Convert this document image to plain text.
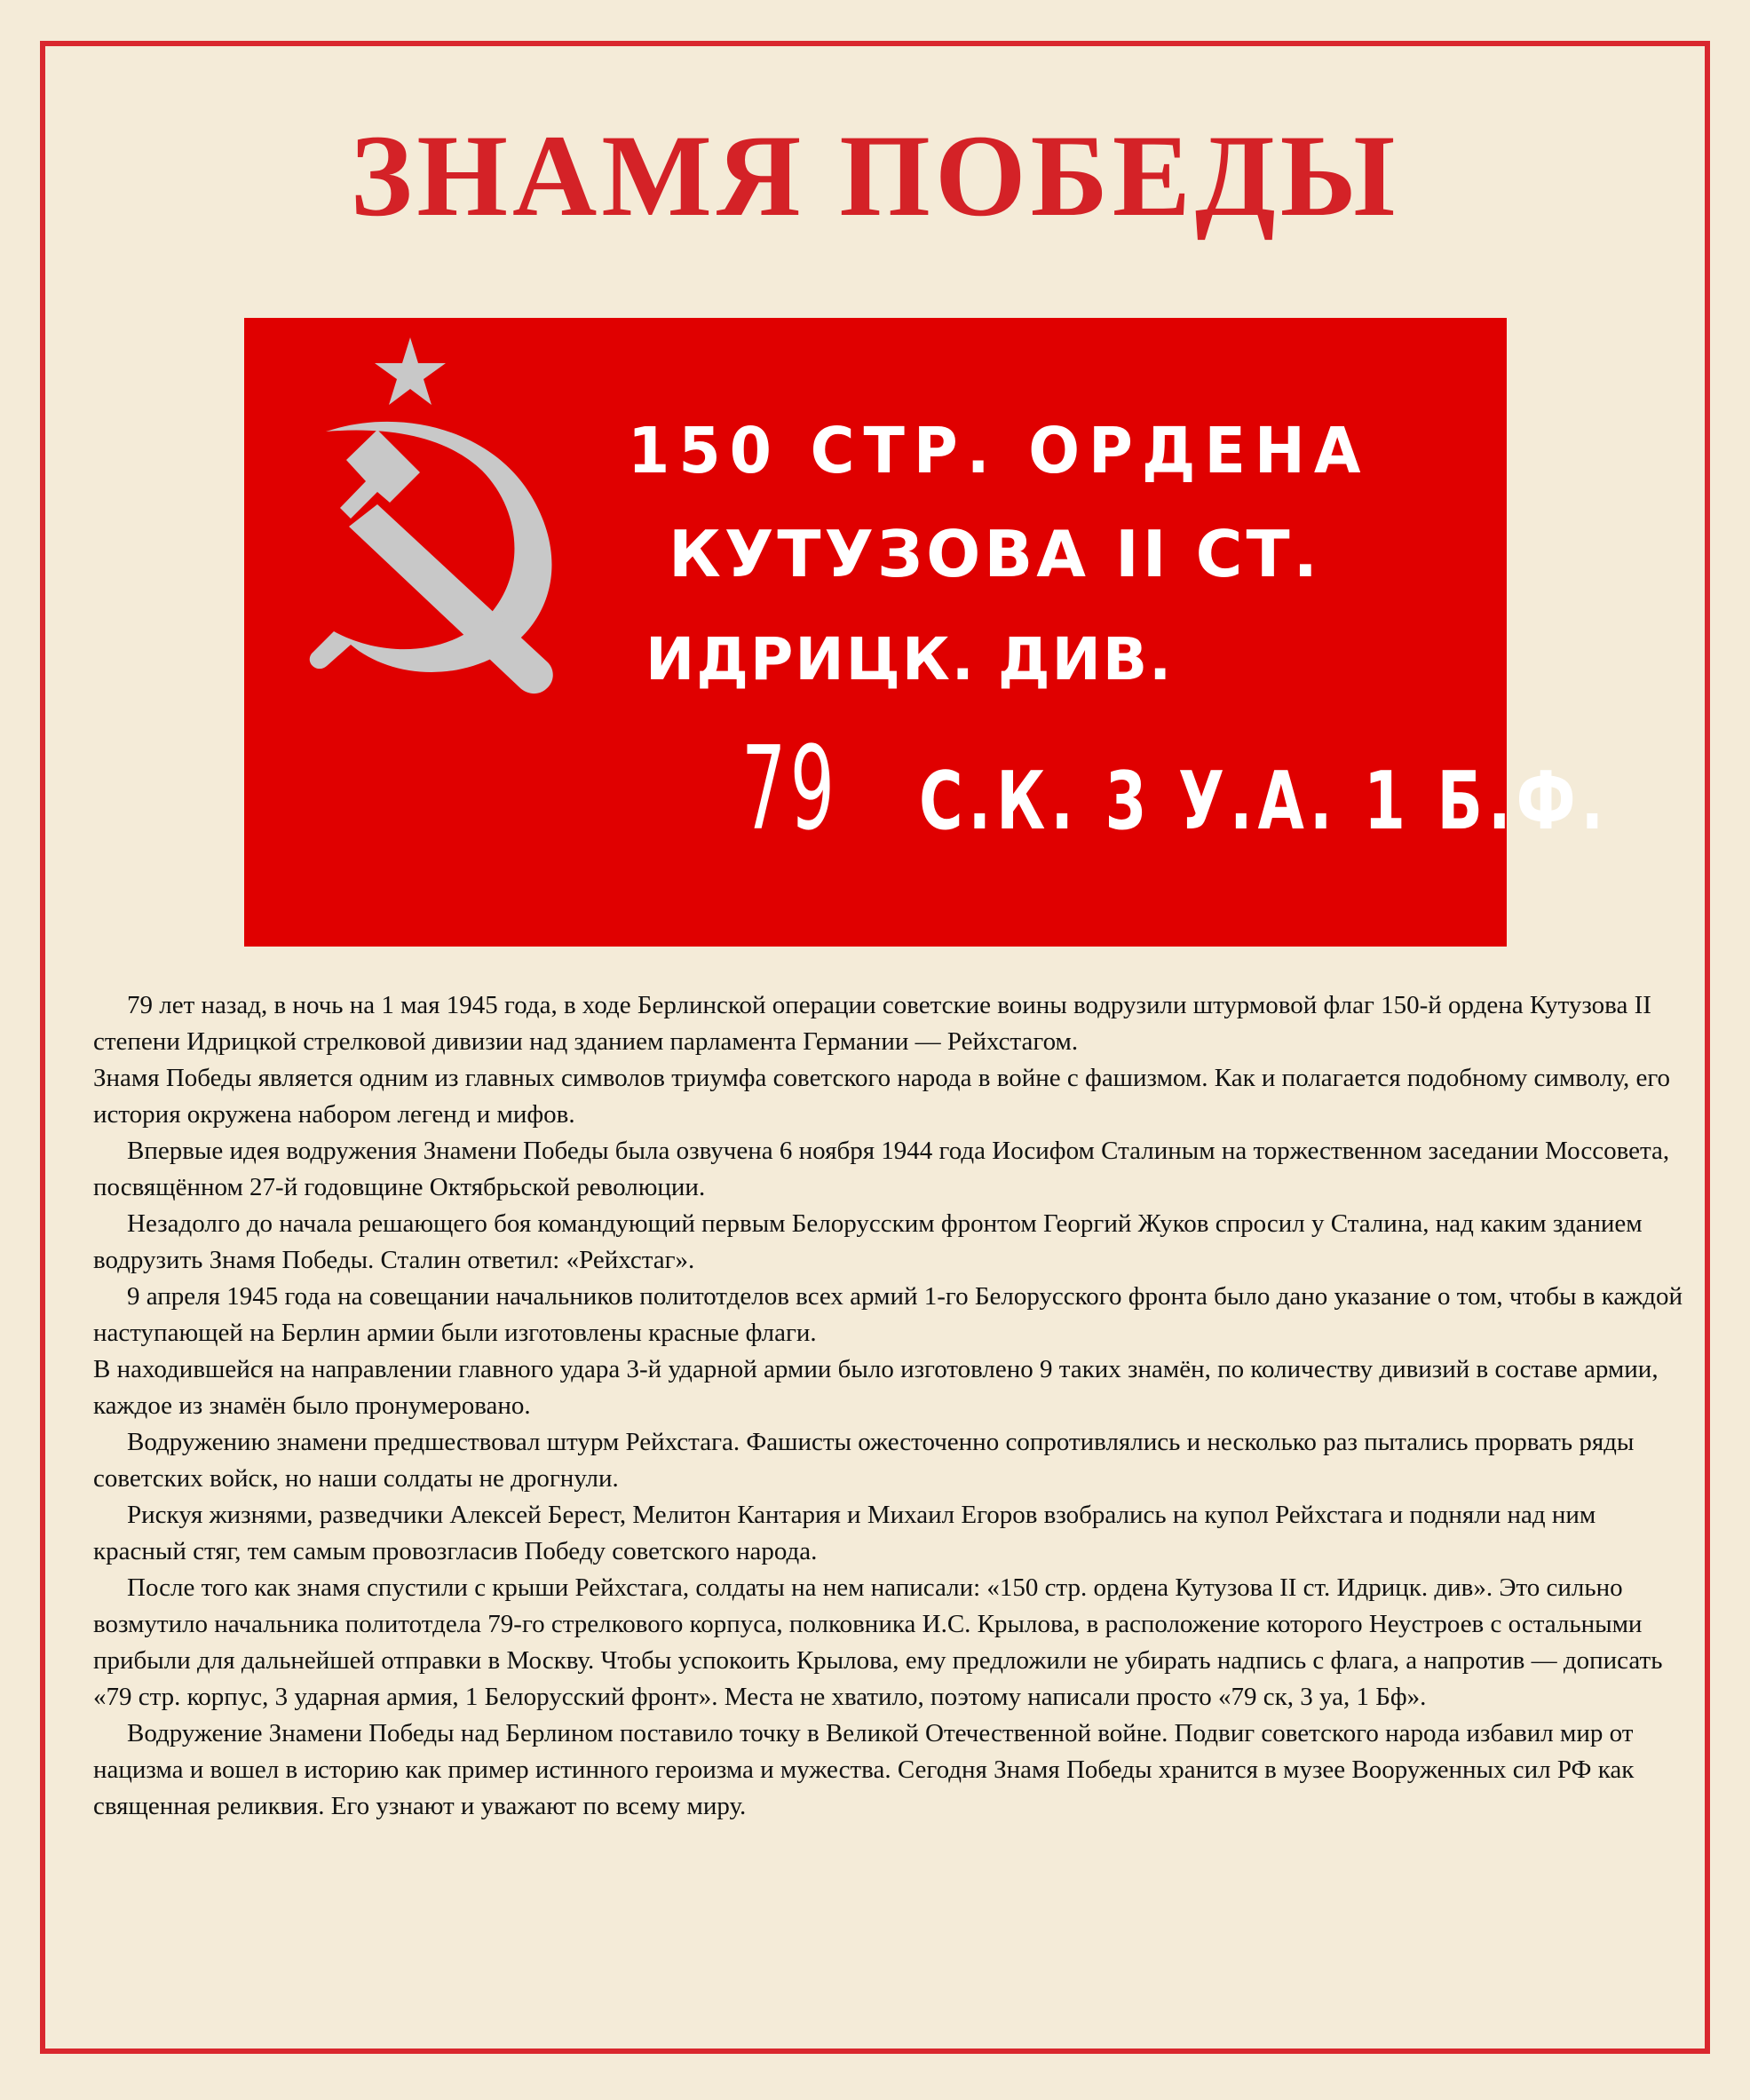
ЗНАМЯ ПОБЕДЫ
150 СТР. ОРДЕНА
КУТУЗОВА II СТ.
ИДРИЦК. ДИВ.
79 С.К. 3 У.А. 1 Б.Ф.

79 лет назад, в ночь на 1 мая 1945 года, в ходе Берлинской операции советские воины водрузили штурмовой флаг 150-й ордена Кутузова II степени Идрицкой стрелковой дивизии над зданием парламента Германии — Рейхстагом.

Знамя Победы является одним из главных символов триумфа советского народа в войне с фашизмом. Как и полагается подобному символу, его история окружена набором легенд и мифов.

Впервые идея водружения Знамени Победы была озвучена 6 ноября 1944 года Иосифом Сталиным на торжественном заседании Моссовета, посвящённом 27-й годовщине Октябрьской революции.

Незадолго до начала решающего боя командующий первым Белорусским фронтом Георгий Жуков спросил у Сталина, над каким зданием водрузить Знамя Победы. Сталин ответил: «Рейхстаг».

9 апреля 1945 года на совещании начальников политотделов всех армий 1-го Белорусского фронта было дано указание о том, чтобы в каждой наступающей на Берлин армии были изготовлены красные флаги.

В находившейся на направлении главного удара 3-й ударной армии было изготовлено 9 таких знамён, по количеству дивизий в составе армии, каждое из знамён было пронумеровано.

Водружению знамени предшествовал штурм Рейхстага. Фашисты ожесточенно сопротивлялись и несколько раз пытались прорвать ряды советских войск, но наши солдаты не дрогнули.

Рискуя жизнями, разведчики Алексей Берест, Мелитон Кантария и Михаил Егоров взобрались на купол Рейхстага и подняли над ним красный стяг, тем самым провозгласив Победу советского народа.

После того как знамя спустили с крыши Рейхстага, солдаты на нем написали: «150 стр. ордена Кутузова II ст. Идрицк. див». Это сильно возмутило начальника политотдела 79-го стрелкового корпуса, полковника И.С. Крылова, в расположение которого Неустроев с остальными прибыли для дальнейшей отправки в Москву. Чтобы успокоить Крылова, ему предложили не убирать надпись с флага, а напротив — дописать «79 стр. корпус, 3 ударная армия, 1 Белорусский фронт». Места не хватило, поэтому написали просто «79 ск, 3 уа, 1 Бф».

Водружение Знамени Победы над Берлином поставило точку в Великой Отечественной войне. Подвиг советского народа избавил мир от нацизма и вошел в историю как пример истинного героизма и мужества. Сегодня Знамя Победы хранится в музее Вооруженных сил РФ как священная реликвия. Его узнают и уважают по всему миру.
